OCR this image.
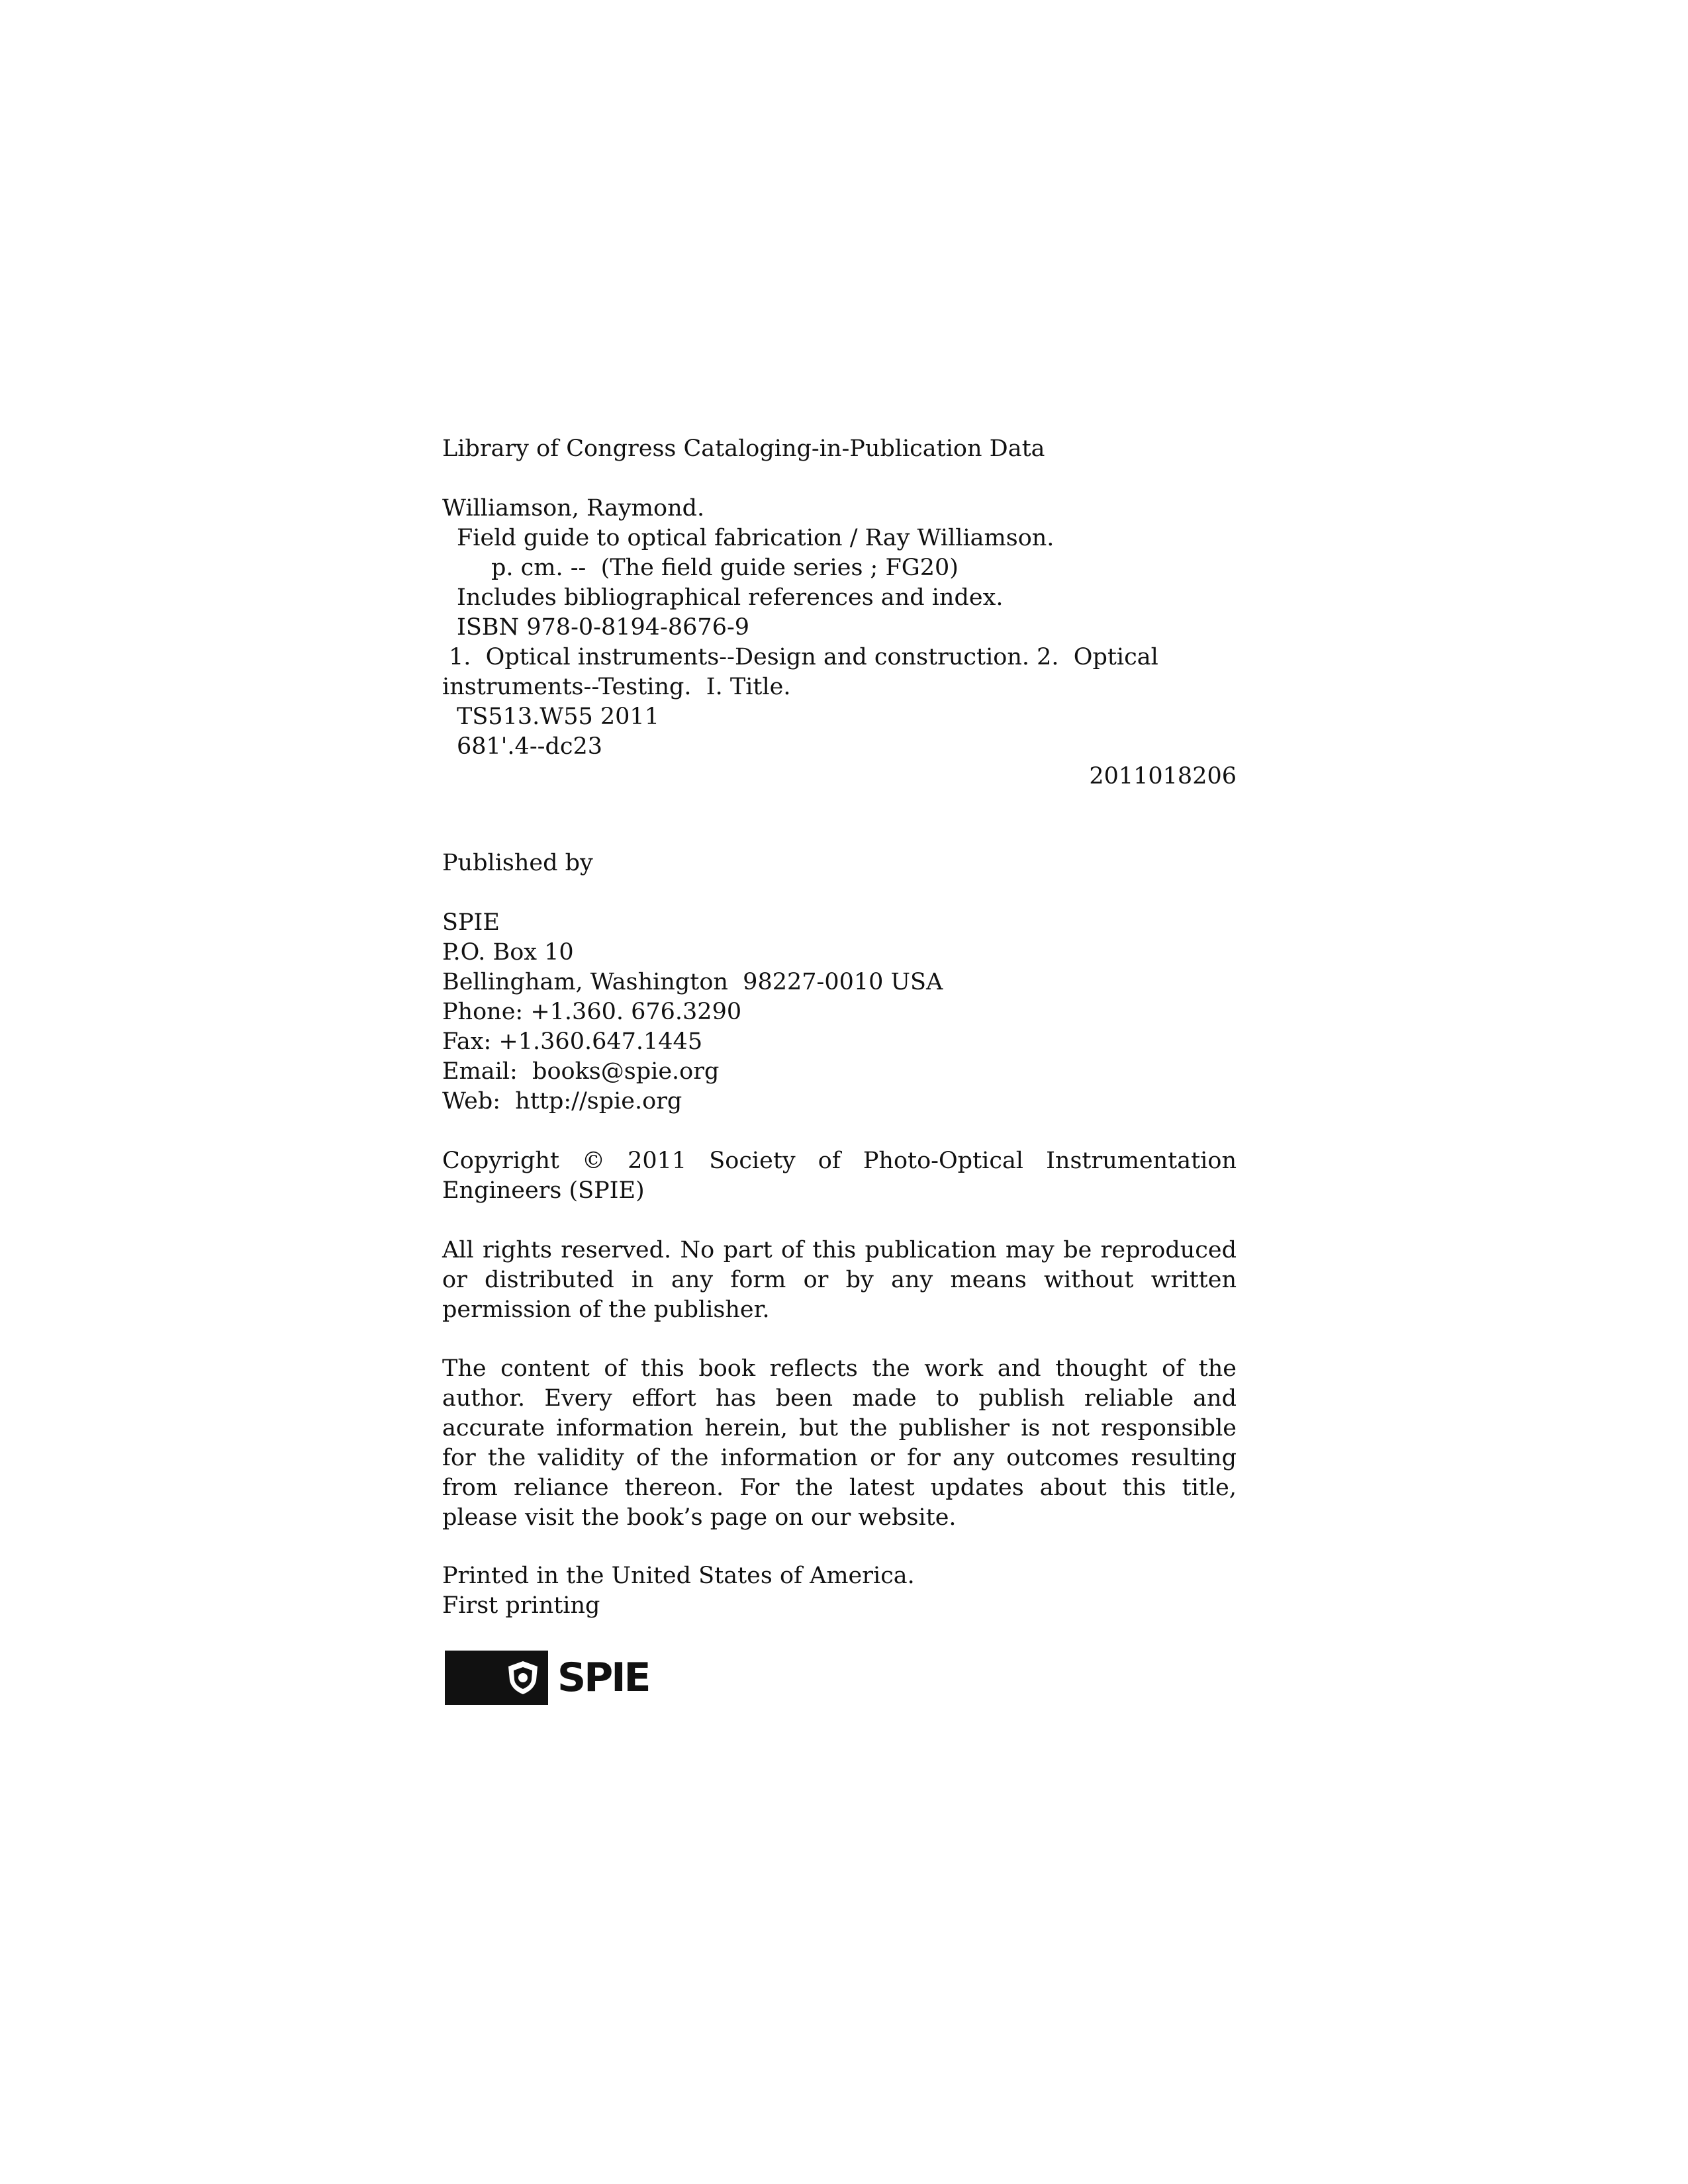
Library of Congress Cataloging-in-Publication Data
Williamson, Raymond.
Field guide to optical fabrication / Ray Williamson.
p. cm. --  (The field guide series ; FG20)
Includes bibliographical references and index.
ISBN 978-0-8194-8676-9
1.  Optical instruments--Design and construction. 2.  Optical
instruments--Testing.  I. Title.
TS513.W55 2011
681'.4--dc23
2011018206
Published by
SPIE
P.O. Box 10
Bellingham, Washington  98227-0010 USA
Phone: +1.360. 676.3290
Fax: +1.360.647.1445
Email:  books@spie.org
Web:  http://spie.org
Copyright © 2011 Society of Photo-Optical Instrumentation
Engineers (SPIE)
All rights reserved. No part of this publication may be reproduced or distributed in any form or by any means without written permission of the publisher.
The content of this book reflects the work and thought of the author. Every effort has been made to publish reliable and accurate information herein, but the publisher is not responsible for the validity of the information or for any outcomes resulting from reliance thereon. For the latest updates about this title, please visit the book’s page on our website.
Printed in the United States of America.
First printing
SPIE
